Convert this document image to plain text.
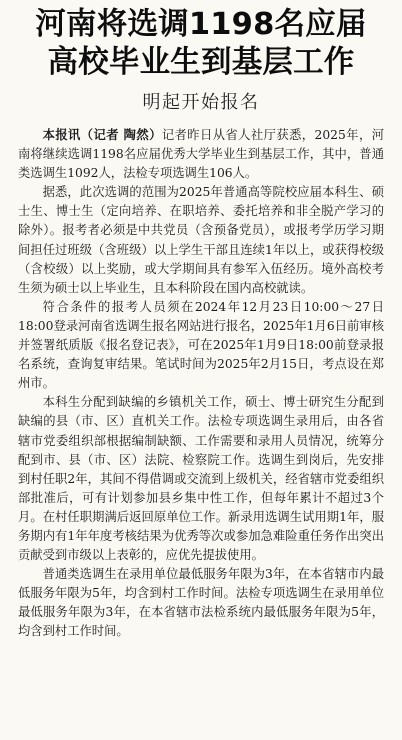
河南将选调1198名应届
高校毕业生到基层工作
明起开始报名

本报讯（记者 陶然）记者昨日从省人社厅获悉，2025年，河南将继续选调1198名应届优秀大学毕业生到基层工作，其中，普通类选调生1092人，法检专项选调生106人。

据悉，此次选调的范围为2025年普通高等院校应届本科生、硕士生、博士生（定向培养、在职培养、委托培养和非全脱产学习的除外）。报考者必须是中共党员（含预备党员），或报考学历学习期间担任过班级（含班级）以上学生干部且连续1年以上，或获得校级（含校级）以上奖励，或大学期间具有参军入伍经历。境外高校考生须为硕士以上毕业生，且本科阶段在国内高校就读。

符合条件的报考人员须在2024年12月23日10:00～27日18:00登录河南省选调生报名网站进行报名，2025年1月6日前审核并签署纸质版《报名登记表》，可在2025年1月9日18:00前登录报名系统，查询复审结果。笔试时间为2025年2月15日，考点设在郑州市。

本科生分配到缺编的乡镇机关工作，硕士、博士研究生分配到缺编的县（市、区）直机关工作。法检专项选调生录用后，由各省辖市党委组织部根据编制缺额、工作需要和录用人员情况，统筹分配到市、县（市、区）法院、检察院工作。选调生到岗后，先安排到村任职2年，其间不得借调或交流到上级机关，经省辖市党委组织部批准后，可有计划参加县乡集中性工作，但每年累计不超过3个月。在村任职期满后返回原单位工作。新录用选调生试用期1年，服务期内有1年年度考核结果为优秀等次或参加急难险重任务作出突出贡献受到市级以上表彰的，应优先提拔使用。

普通类选调生在录用单位最低服务年限为3年，在本省辖市内最低服务年限为5年，均含到村工作时间。法检专项选调生在录用单位最低服务年限为3年，在本省辖市法检系统内最低服务年限为5年，均含到村工作时间。
